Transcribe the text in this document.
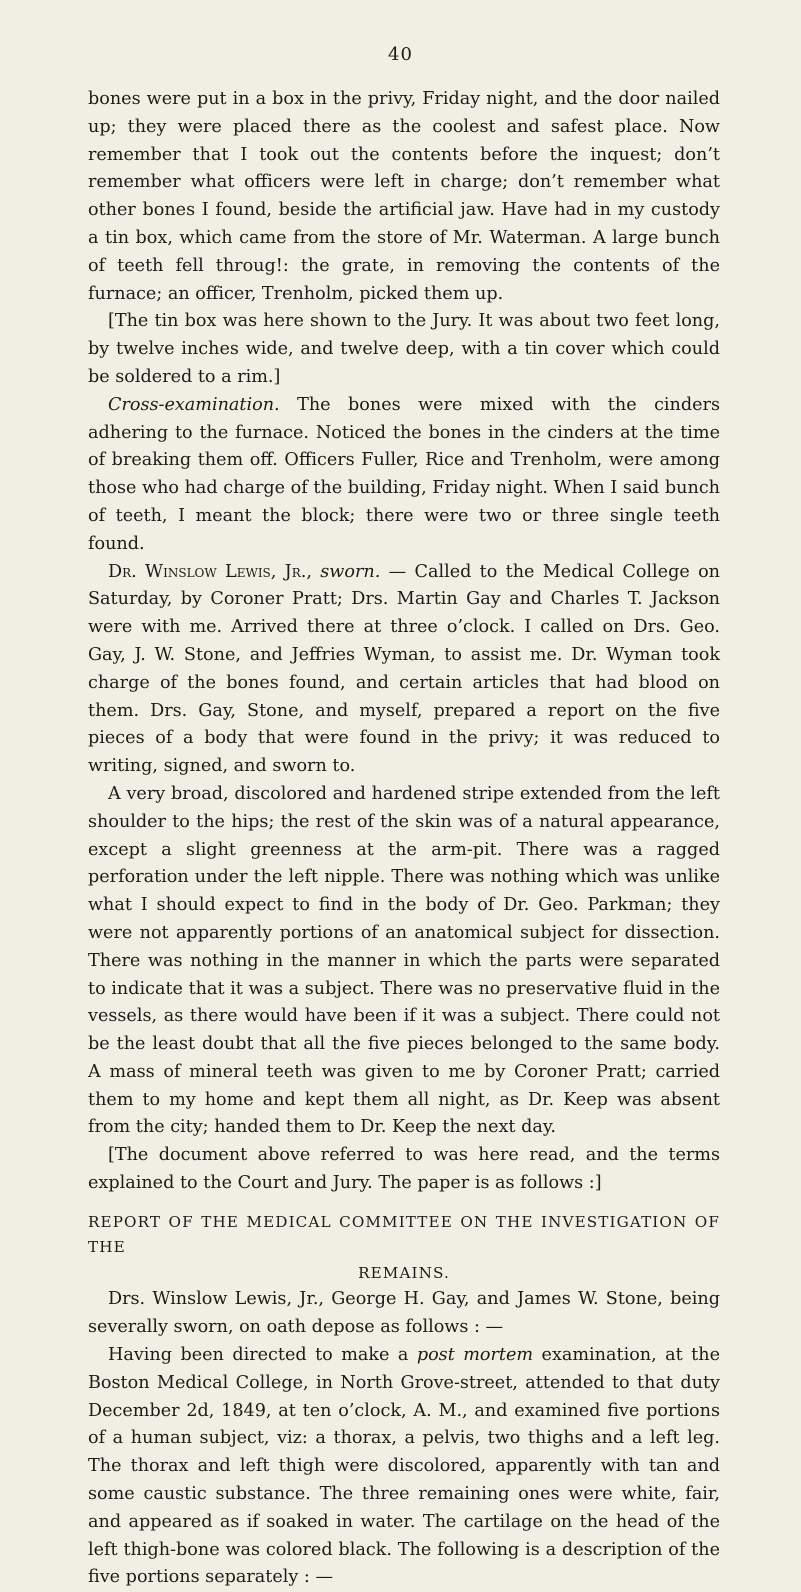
40

bones were put in a box in the privy, Friday night, and the door nailed up; they were placed there as the coolest and safest place. Now remember that I took out the contents before the inquest; don’t remember what officers were left in charge; don’t remember what other bones I found, beside the artificial jaw. Have had in my custody a tin box, which came from the store of Mr. Waterman. A large bunch of teeth fell throug!: the grate, in removing the contents of the furnace; an officer, Trenholm, picked them up.

[The tin box was here shown to the Jury. It was about two feet long, by twelve inches wide, and twelve deep, with a tin cover which could be soldered to a rim.]

Cross-examination. The bones were mixed with the cinders adhering to the furnace. Noticed the bones in the cinders at the time of breaking them off. Officers Fuller, Rice and Trenholm, were among those who had charge of the building, Friday night. When I said bunch of teeth, I meant the block; there were two or three single teeth found.

Dr. Winslow Lewis, Jr., sworn. — Called to the Medical College on Saturday, by Coroner Pratt; Drs. Martin Gay and Charles T. Jackson were with me. Arrived there at three o’clock. I called on Drs. Geo. Gay, J. W. Stone, and Jeffries Wyman, to assist me. Dr. Wyman took charge of the bones found, and certain articles that had blood on them. Drs. Gay, Stone, and myself, prepared a report on the five pieces of a body that were found in the privy; it was reduced to writing, signed, and sworn to.

A very broad, discolored and hardened stripe extended from the left shoulder to the hips; the rest of the skin was of a natural appearance, except a slight greenness at the arm-pit. There was a ragged perforation under the left nipple. There was nothing which was unlike what I should expect to find in the body of Dr. Geo. Parkman; they were not apparently portions of an anatomical subject for dissection. There was nothing in the manner in which the parts were separated to indicate that it was a subject. There was no preservative fluid in the vessels, as there would have been if it was a subject. There could not be the least doubt that all the five pieces belonged to the same body. A mass of mineral teeth was given to me by Coroner Pratt; carried them to my home and kept them all night, as Dr. Keep was absent from the city; handed them to Dr. Keep the next day.

[The document above referred to was here read, and the terms explained to the Court and Jury. The paper is as follows :]

REPORT OF THE MEDICAL COMMITTEE ON THE INVESTIGATION OF THE
REMAINS.

Drs. Winslow Lewis, Jr., George H. Gay, and James W. Stone, being severally sworn, on oath depose as follows : —

Having been directed to make a post mortem examination, at the Boston Medical College, in North Grove-street, attended to that duty December 2d, 1849, at ten o’clock, A. M., and examined five portions of a human subject, viz: a thorax, a pelvis, two thighs and a left leg. The thorax and left thigh were discolored, apparently with tan and some caustic substance. The three remaining ones were white, fair, and appeared as if soaked in water. The cartilage on the head of the left thigh-bone was colored black. The following is a description of the five portions separately : —
